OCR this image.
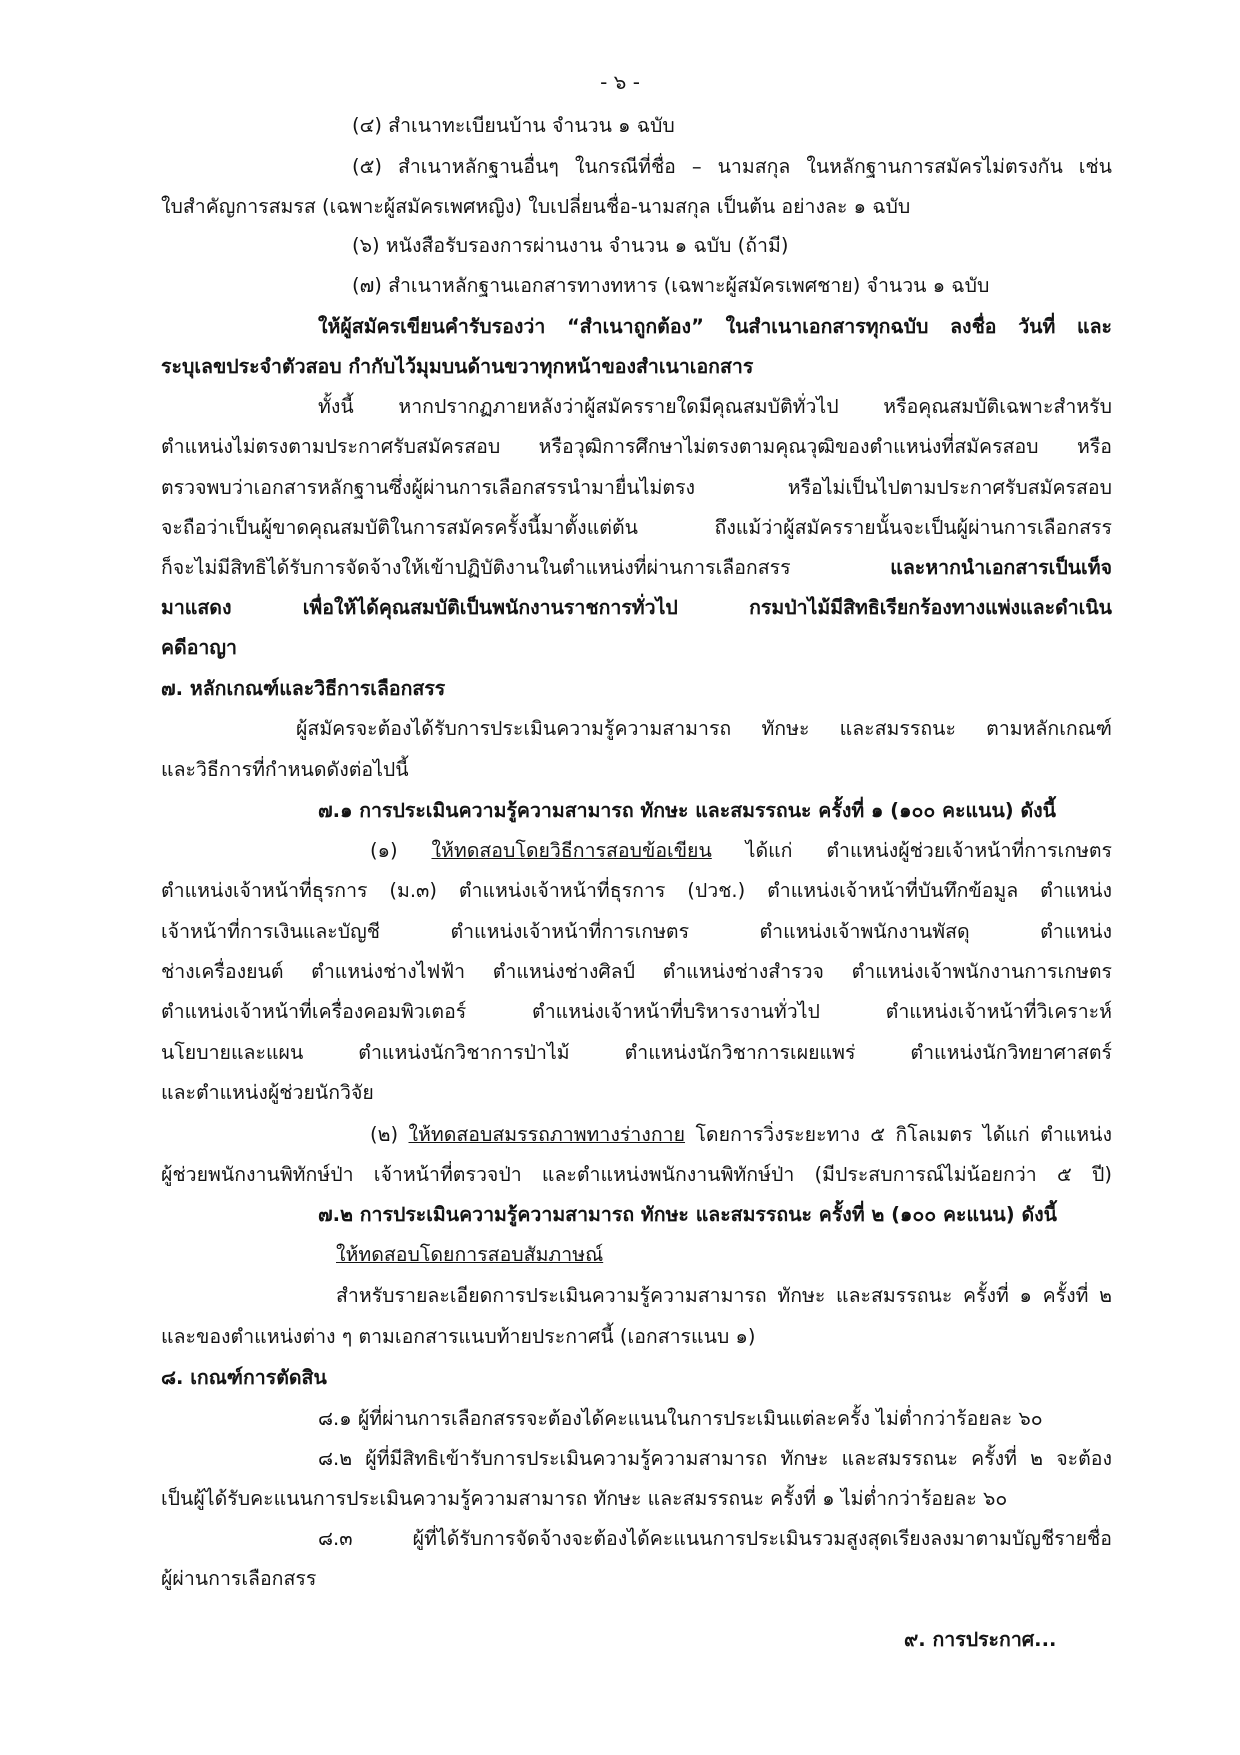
- ๖ -
(๔) สำเนาทะเบียนบ้าน จำนวน ๑ ฉบับ
(๕) สำเนาหลักฐานอื่นๆ ในกรณีที่ชื่อ – นามสกุล ในหลักฐานการสมัครไม่ตรงกัน เช่น
ใบสำคัญการสมรส (เฉพาะผู้สมัครเพศหญิง) ใบเปลี่ยนชื่อ-นามสกุล เป็นต้น อย่างละ ๑ ฉบับ
(๖) หนังสือรับรองการผ่านงาน จำนวน ๑ ฉบับ (ถ้ามี)
(๗) สำเนาหลักฐานเอกสารทางทหาร (เฉพาะผู้สมัครเพศชาย) จำนวน ๑ ฉบับ
ให้ผู้สมัครเขียนคำรับรองว่า “สำเนาถูกต้อง” ในสำเนาเอกสารทุกฉบับ ลงชื่อ วันที่ และ
ระบุเลขประจำตัวสอบ กำกับไว้มุมบนด้านขวาทุกหน้าของสำเนาเอกสาร
ทั้งนี้ หากปรากฏภายหลังว่าผู้สมัครรายใดมีคุณสมบัติทั่วไป หรือคุณสมบัติเฉพาะสำหรับ
ตำแหน่งไม่ตรงตามประกาศรับสมัครสอบ หรือวุฒิการศึกษาไม่ตรงตามคุณวุฒิของตำแหน่งที่สมัครสอบ หรือ
ตรวจพบว่าเอกสารหลักฐานซึ่งผู้ผ่านการเลือกสรรนำมายื่นไม่ตรง หรือไม่เป็นไปตามประกาศรับสมัครสอบ
จะถือว่าเป็นผู้ขาดคุณสมบัติในการสมัครครั้งนี้มาตั้งแต่ต้น ถึงแม้ว่าผู้สมัครรายนั้นจะเป็นผู้ผ่านการเลือกสรร
ก็จะไม่มีสิทธิได้รับการจัดจ้างให้เข้าปฏิบัติงานในตำแหน่งที่ผ่านการเลือกสรร และหากนำเอกสารเป็นเท็จ
มาแสดง เพื่อให้ได้คุณสมบัติเป็นพนักงานราชการทั่วไป กรมป่าไม้มีสิทธิเรียกร้องทางแพ่งและดำเนิน
คดีอาญา
๗. หลักเกณฑ์และวิธีการเลือกสรร
ผู้สมัครจะต้องได้รับการประเมินความรู้ความสามารถ ทักษะ และสมรรถนะ ตามหลักเกณฑ์
และวิธีการที่กำหนดดังต่อไปนี้
๗.๑ การประเมินความรู้ความสามารถ ทักษะ และสมรรถนะ ครั้งที่ ๑ (๑๐๐ คะแนน) ดังนี้
(๑) ให้ทดสอบโดยวิธีการสอบข้อเขียน ได้แก่ ตำแหน่งผู้ช่วยเจ้าหน้าที่การเกษตร
ตำแหน่งเจ้าหน้าที่ธุรการ (ม.๓) ตำแหน่งเจ้าหน้าที่ธุรการ (ปวช.) ตำแหน่งเจ้าหน้าที่บันทึกข้อมูล ตำแหน่ง
เจ้าหน้าที่การเงินและบัญชี ตำแหน่งเจ้าหน้าที่การเกษตร ตำแหน่งเจ้าพนักงานพัสดุ ตำแหน่ง
ช่างเครื่องยนต์ ตำแหน่งช่างไฟฟ้า ตำแหน่งช่างศิลป์ ตำแหน่งช่างสำรวจ ตำแหน่งเจ้าพนักงานการเกษตร
ตำแหน่งเจ้าหน้าที่เครื่องคอมพิวเตอร์ ตำแหน่งเจ้าหน้าที่บริหารงานทั่วไป ตำแหน่งเจ้าหน้าที่วิเคราะห์
นโยบายและแผน ตำแหน่งนักวิชาการป่าไม้ ตำแหน่งนักวิชาการเผยแพร่ ตำแหน่งนักวิทยาศาสตร์
และตำแหน่งผู้ช่วยนักวิจัย
(๒) ให้ทดสอบสมรรถภาพทางร่างกาย โดยการวิ่งระยะทาง ๕ กิโลเมตร ได้แก่ ตำแหน่ง
ผู้ช่วยพนักงานพิทักษ์ป่า เจ้าหน้าที่ตรวจป่า และตำแหน่งพนักงานพิทักษ์ป่า (มีประสบการณ์ไม่น้อยกว่า ๕ ปี)
๗.๒ การประเมินความรู้ความสามารถ ทักษะ และสมรรถนะ ครั้งที่ ๒ (๑๐๐ คะแนน) ดังนี้
ให้ทดสอบโดยการสอบสัมภาษณ์
สำหรับรายละเอียดการประเมินความรู้ความสามารถ ทักษะ และสมรรถนะ ครั้งที่ ๑ ครั้งที่ ๒
และของตำแหน่งต่าง ๆ ตามเอกสารแนบท้ายประกาศนี้ (เอกสารแนบ ๑)
๘. เกณฑ์การตัดสิน
๘.๑ ผู้ที่ผ่านการเลือกสรรจะต้องได้คะแนนในการประเมินแต่ละครั้ง ไม่ต่ำกว่าร้อยละ ๖๐
๘.๒ ผู้ที่มีสิทธิเข้ารับการประเมินความรู้ความสามารถ ทักษะ และสมรรถนะ ครั้งที่ ๒ จะต้อง
เป็นผู้ได้รับคะแนนการประเมินความรู้ความสามารถ ทักษะ และสมรรถนะ ครั้งที่ ๑ ไม่ต่ำกว่าร้อยละ ๖๐
๘.๓ ผู้ที่ได้รับการจัดจ้างจะต้องได้คะแนนการประเมินรวมสูงสุดเรียงลงมาตามบัญชีรายชื่อ
ผู้ผ่านการเลือกสรร
๙. การประกาศ...
